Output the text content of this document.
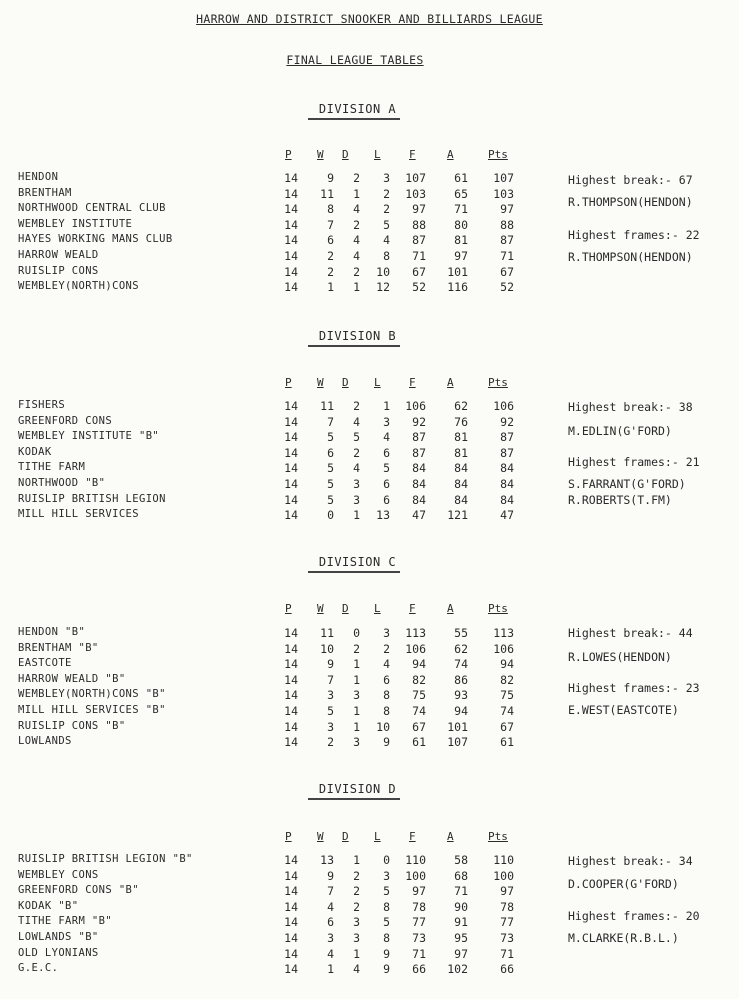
HARROW AND DISTRICT SNOOKER AND BILLIARDS LEAGUE
FINAL LEAGUE TABLES
DIVISION A
P W D L	F	A	Pts
HENDON	14	9	2	3	107	61	107
BRENTHAM	14	11	1	2	103	65	103
NORTHWOOD CENTRAL CLUB	14	8	4	2	97	71	97
WEMBLEY INSTITUTE	14	7	2	5	88	80	88
HAYES WORKING MANS CLUB	14	6	4	4	87	81	87
HARROW WEALD	14	2	4	8	71	97	71
RUISLIP CONS	14	2	2	10	67	101	67
WEMBLEY(NORTH)CONS	14	1	1	12	52	116	52
Highest break:- 67
R.THOMPSON(HENDON)
Highest frames:- 22
R.THOMPSON(HENDON)
DIVISION B
P W D L	F	A	Pts
FISHERS	14	11	2	1	106	62	106
GREENFORD CONS	14	7	4	3	92	76	92
WEMBLEY INSTITUTE "B"	14	5	5	4	87	81	87
KODAK	14	6	2	6	87	81	87
TITHE FARM	14	5	4	5	84	84	84
NORTHWOOD "B"	14	5	3	6	84	84	84
RUISLIP BRITISH LEGION	14	5	3	6	84	84	84
MILL HILL SERVICES	14	0	1	13	47	121	47
Highest break:- 38
M.EDLIN(G'FORD)
Highest frames:- 21
S.FARRANT(G'FORD)
R.ROBERTS(T.FM)
DIVISION C
P W D L	F	A	Pts
HENDON "B"	14	11	0	3	113	55	113
BRENTHAM "B"	14	10	2	2	106	62	106
EASTCOTE	14	9	1	4	94	74	94
HARROW WEALD "B"	14	7	1	6	82	86	82
WEMBLEY(NORTH)CONS "B"	14	3	3	8	75	93	75
MILL HILL SERVICES "B"	14	5	1	8	74	94	74
RUISLIP CONS "B"	14	3	1	10	67	101	67
LOWLANDS	14	2	3	9	61	107	61
Highest break:- 44
R.LOWES(HENDON)
Highest frames:- 23
E.WEST(EASTCOTE)
DIVISION D
P W D L	F	A	Pts
RUISLIP BRITISH LEGION "B"	14	13	1	0	110	58	110
WEMBLEY CONS	14	9	2	3	100	68	100
GREENFORD CONS "B"	14	7	2	5	97	71	97
KODAK "B"	14	4	2	8	78	90	78
TITHE FARM "B"	14	6	3	5	77	91	77
LOWLANDS "B"	14	3	3	8	73	95	73
OLD LYONIANS	14	4	1	9	71	97	71
G.E.C.	14	1	4	9	66	102	66
Highest break:- 34
D.COOPER(G'FORD)
Highest frames:- 20
M.CLARKE(R.B.L.)
